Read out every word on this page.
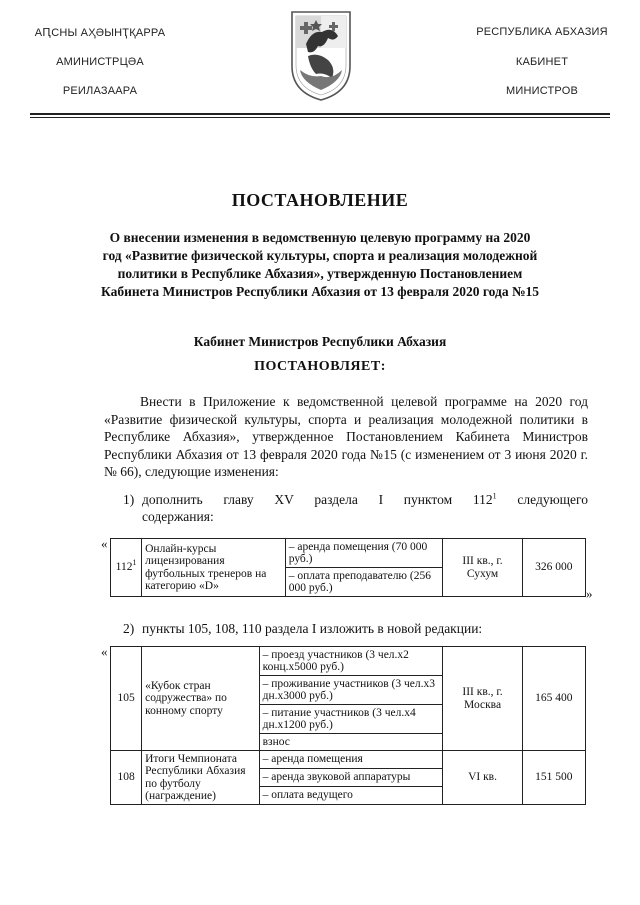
АԤСНЫ АҲӘЫНҬҚАРРА
АМИНИСТРЦӘА
РЕИЛАЗААРА
РЕСПУБЛИКА АБХАЗИЯ
КАБИНЕТ
МИНИСТРОВ
ПОСТАНОВЛЕНИЕ
О внесении изменения в ведомственную целевую программу на 2020 год «Развитие физической культуры, спорта и реализация молодежной политики в Республике Абхазия», утвержденную Постановлением Кабинета Министров Республики Абхазия от 13 февраля 2020 года №15
Кабинет Министров Республики Абхазия
ПОСТАНОВЛЯЕТ:
Внести в Приложение к ведомственной целевой программе на 2020 год «Развитие физической культуры, спорта и реализация молодежной политики в Республике Абхазия», утвержденное Постановлением Кабинета Министров Республики Абхазия от 13 февраля 2020 года №15 (с изменением от 3 июня 2020 г. № 66), следующие изменения:
1) дополнить главу XV раздела I пунктом $112^1$ следующего содержания:
«
$112^1$	Онлайн-курсы лицензирования футбольных тренеров на категорию «D»	– аренда помещения (70 000 руб.)	III кв., г. Сухум	326 000
– оплата преподавателю (256 000 руб.)	»
2) пункты 105, 108, 110 раздела I изложить в новой редакции:
«
105	«Кубок стран содружества» по конному спорту	– проезд участников (3 чел.х2 конц.х5000 руб.)	III кв., г. Москва	165 400
		– проживание участников (3 чел.х3 дн.х3000 руб.)		
		– питание участников (3 чел.х4 дн.х1200 руб.)		
		взнос		
108	Итоги Чемпионата Республики Абхазия по футболу (награждение)	– аренда помещения	VI кв.	151 500
		– аренда звуковой аппаратуры		
		– оплата ведущего		
